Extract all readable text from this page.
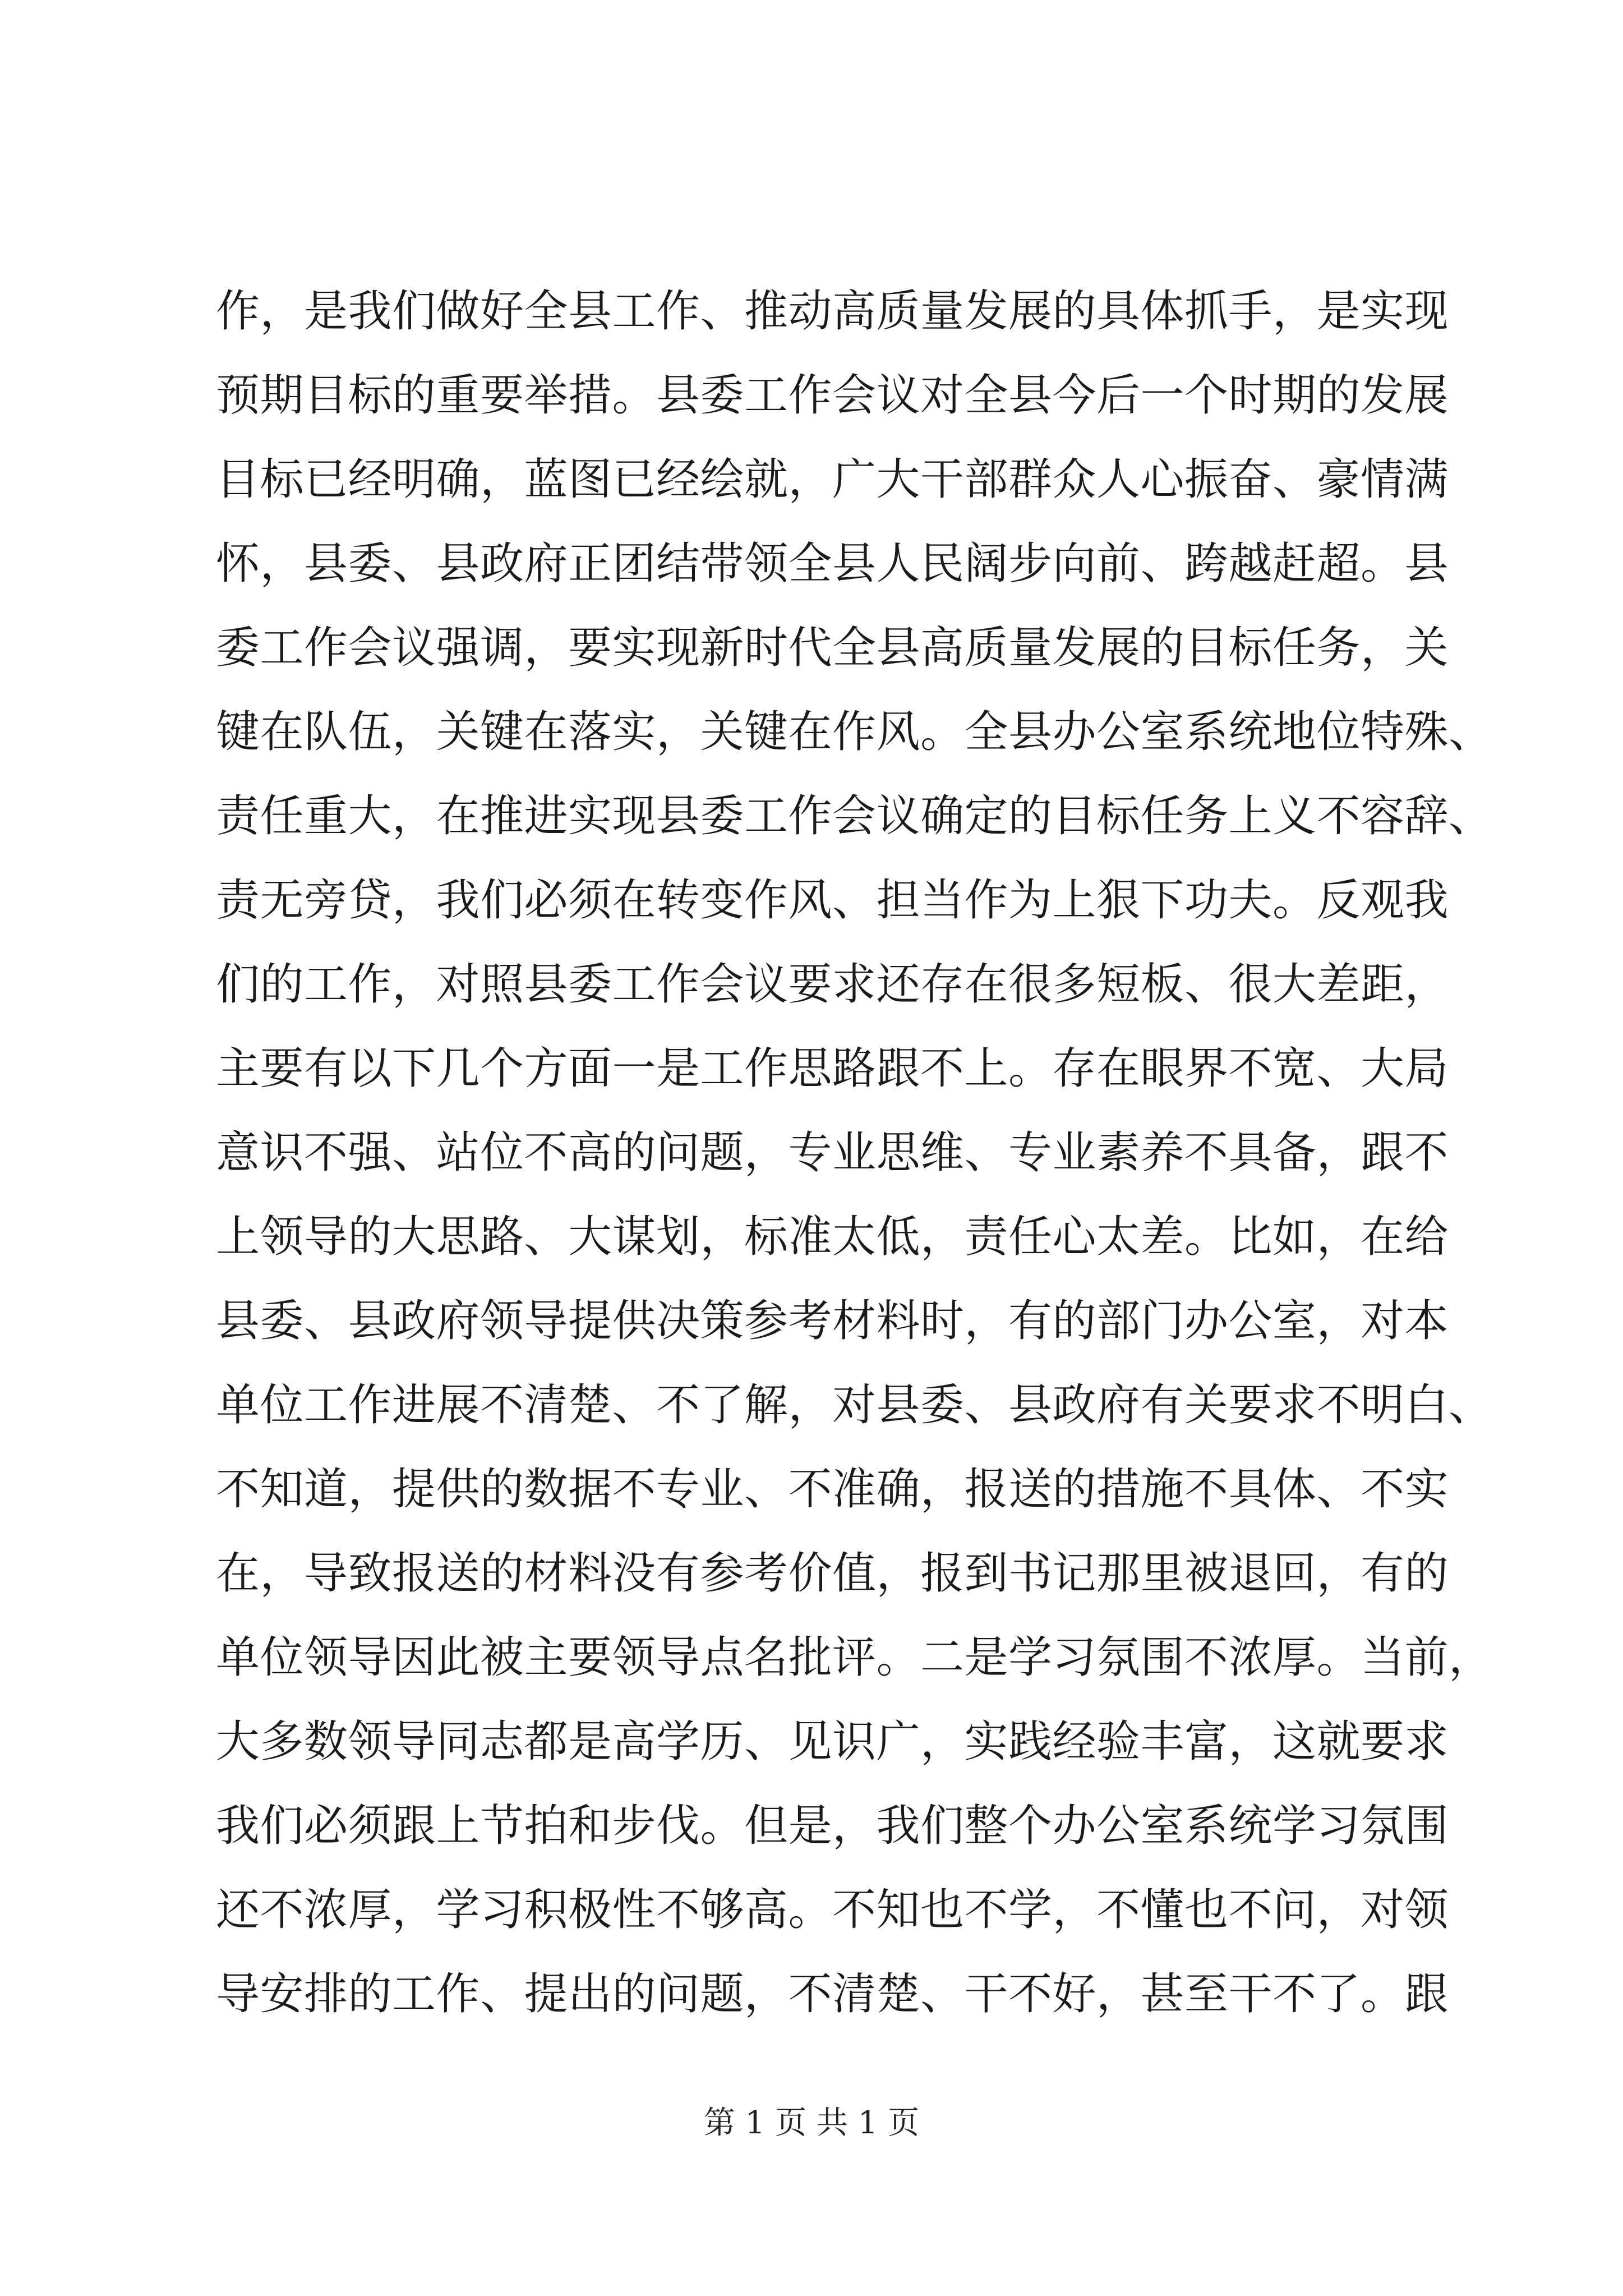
作，是我们做好全县工作、推动高质量发展的具体抓手，是实现
预期目标的重要举措。县委工作会议对全县今后一个时期的发展
目标已经明确，蓝图已经绘就，广大干部群众人心振奋、豪情满
怀，县委、县政府正团结带领全县人民阔步向前、跨越赶超。县
委工作会议强调，要实现新时代全县高质量发展的目标任务，关
键在队伍，关键在落实，关键在作风。全县办公室系统地位特殊、
责任重大，在推进实现县委工作会议确定的目标任务上义不容辞、
责无旁贷，我们必须在转变作风、担当作为上狠下功夫。反观我
们的工作，对照县委工作会议要求还存在很多短板、很大差距，
主要有以下几个方面一是工作思路跟不上。存在眼界不宽、大局
意识不强、站位不高的问题，专业思维、专业素养不具备，跟不
上领导的大思路、大谋划，标准太低，责任心太差。比如，在给
县委、县政府领导提供决策参考材料时，有的部门办公室，对本
单位工作进展不清楚、不了解，对县委、县政府有关要求不明白、
不知道，提供的数据不专业、不准确，报送的措施不具体、不实
在，导致报送的材料没有参考价值，报到书记那里被退回，有的
单位领导因此被主要领导点名批评。二是学习氛围不浓厚。当前，
大多数领导同志都是高学历、见识广，实践经验丰富，这就要求
我们必须跟上节拍和步伐。但是，我们整个办公室系统学习氛围
还不浓厚，学习积极性不够高。不知也不学，不懂也不问，对领
导安排的工作、提出的问题，不清楚、干不好，甚至干不了。跟
第 1 页 共 1 页
